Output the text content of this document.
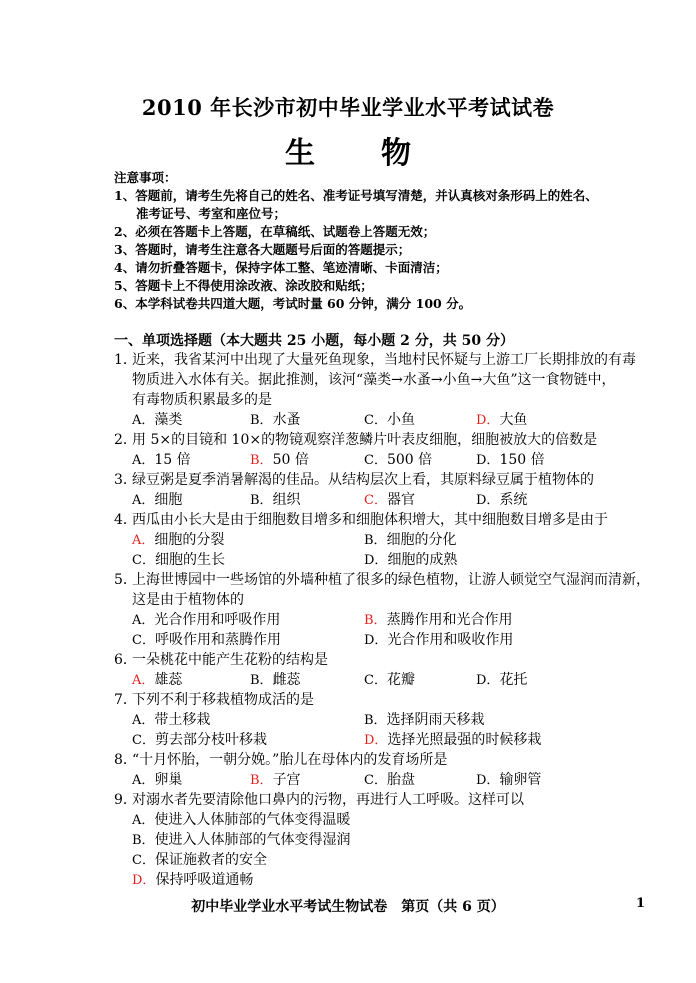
2010 年长沙市初中毕业学业水平考试试卷
生　物
注意事项：
1、答题前，请考生先将自己的姓名、准考证号填写清楚，并认真核对条形码上的姓名、
准考证号、考室和座位号；
2、必须在答题卡上答题，在草稿纸、试题卷上答题无效；
3、答题时，请考生注意各大题题号后面的答题提示；
4、请勿折叠答题卡，保持字体工整、笔迹清晰、卡面清洁；
5、答题卡上不得使用涂改液、涂改胶和贴纸；
6、本学科试卷共四道大题，考试时量 60 分钟，满分 100 分。
一、单项选择题（本大题共 25 小题，每小题 2 分，共 50 分）
1．近来，我省某河中出现了大量死鱼现象，当地村民怀疑与上游工厂长期排放的有毒
物质进入水体有关。据此推测，该河“藻类→水蚤→小鱼→大鱼”这一食物链中，
有毒物质积累最多的是
A．藻类	B．水蚤	C．小鱼	D．大鱼
2．用 5×的目镜和 10×的物镜观察洋葱鳞片叶表皮细胞，细胞被放大的倍数是
A．15 倍	B．50 倍	C．500 倍	D．150 倍
3．绿豆粥是夏季消暑解渴的佳品。从结构层次上看，其原料绿豆属于植物体的
A．细胞	B．组织	C．器官	D．系统
4．西瓜由小长大是由于细胞数目增多和细胞体积增大，其中细胞数目增多是由于
A．细胞的分裂	B．细胞的分化
C．细胞的生长	D．细胞的成熟
5．上海世博园中一些场馆的外墙种植了很多的绿色植物，让游人顿觉空气湿润而清新，
这是由于植物体的
A．光合作用和呼吸作用	B．蒸腾作用和光合作用
C．呼吸作用和蒸腾作用	D．光合作用和吸收作用
6．一朵桃花中能产生花粉的结构是
A．雄蕊	B．雌蕊	C．花瓣	D．花托
7．下列不利于移栽植物成活的是
A．带土移栽	B．选择阴雨天移栽
C．剪去部分枝叶移栽	D．选择光照最强的时候移栽
8．“十月怀胎，一朝分娩。”胎儿在母体内的发育场所是
A．卵巢	B．子宫	C．胎盘	D．输卵管
9．对溺水者先要清除他口鼻内的污物，再进行人工呼吸。这样可以
A．使进入人体肺部的气体变得温暖
B．使进入人体肺部的气体变得湿润
C．保证施救者的安全
D．保持呼吸道通畅
初中毕业学业水平考试生物试卷　第页（共 6 页）	1
